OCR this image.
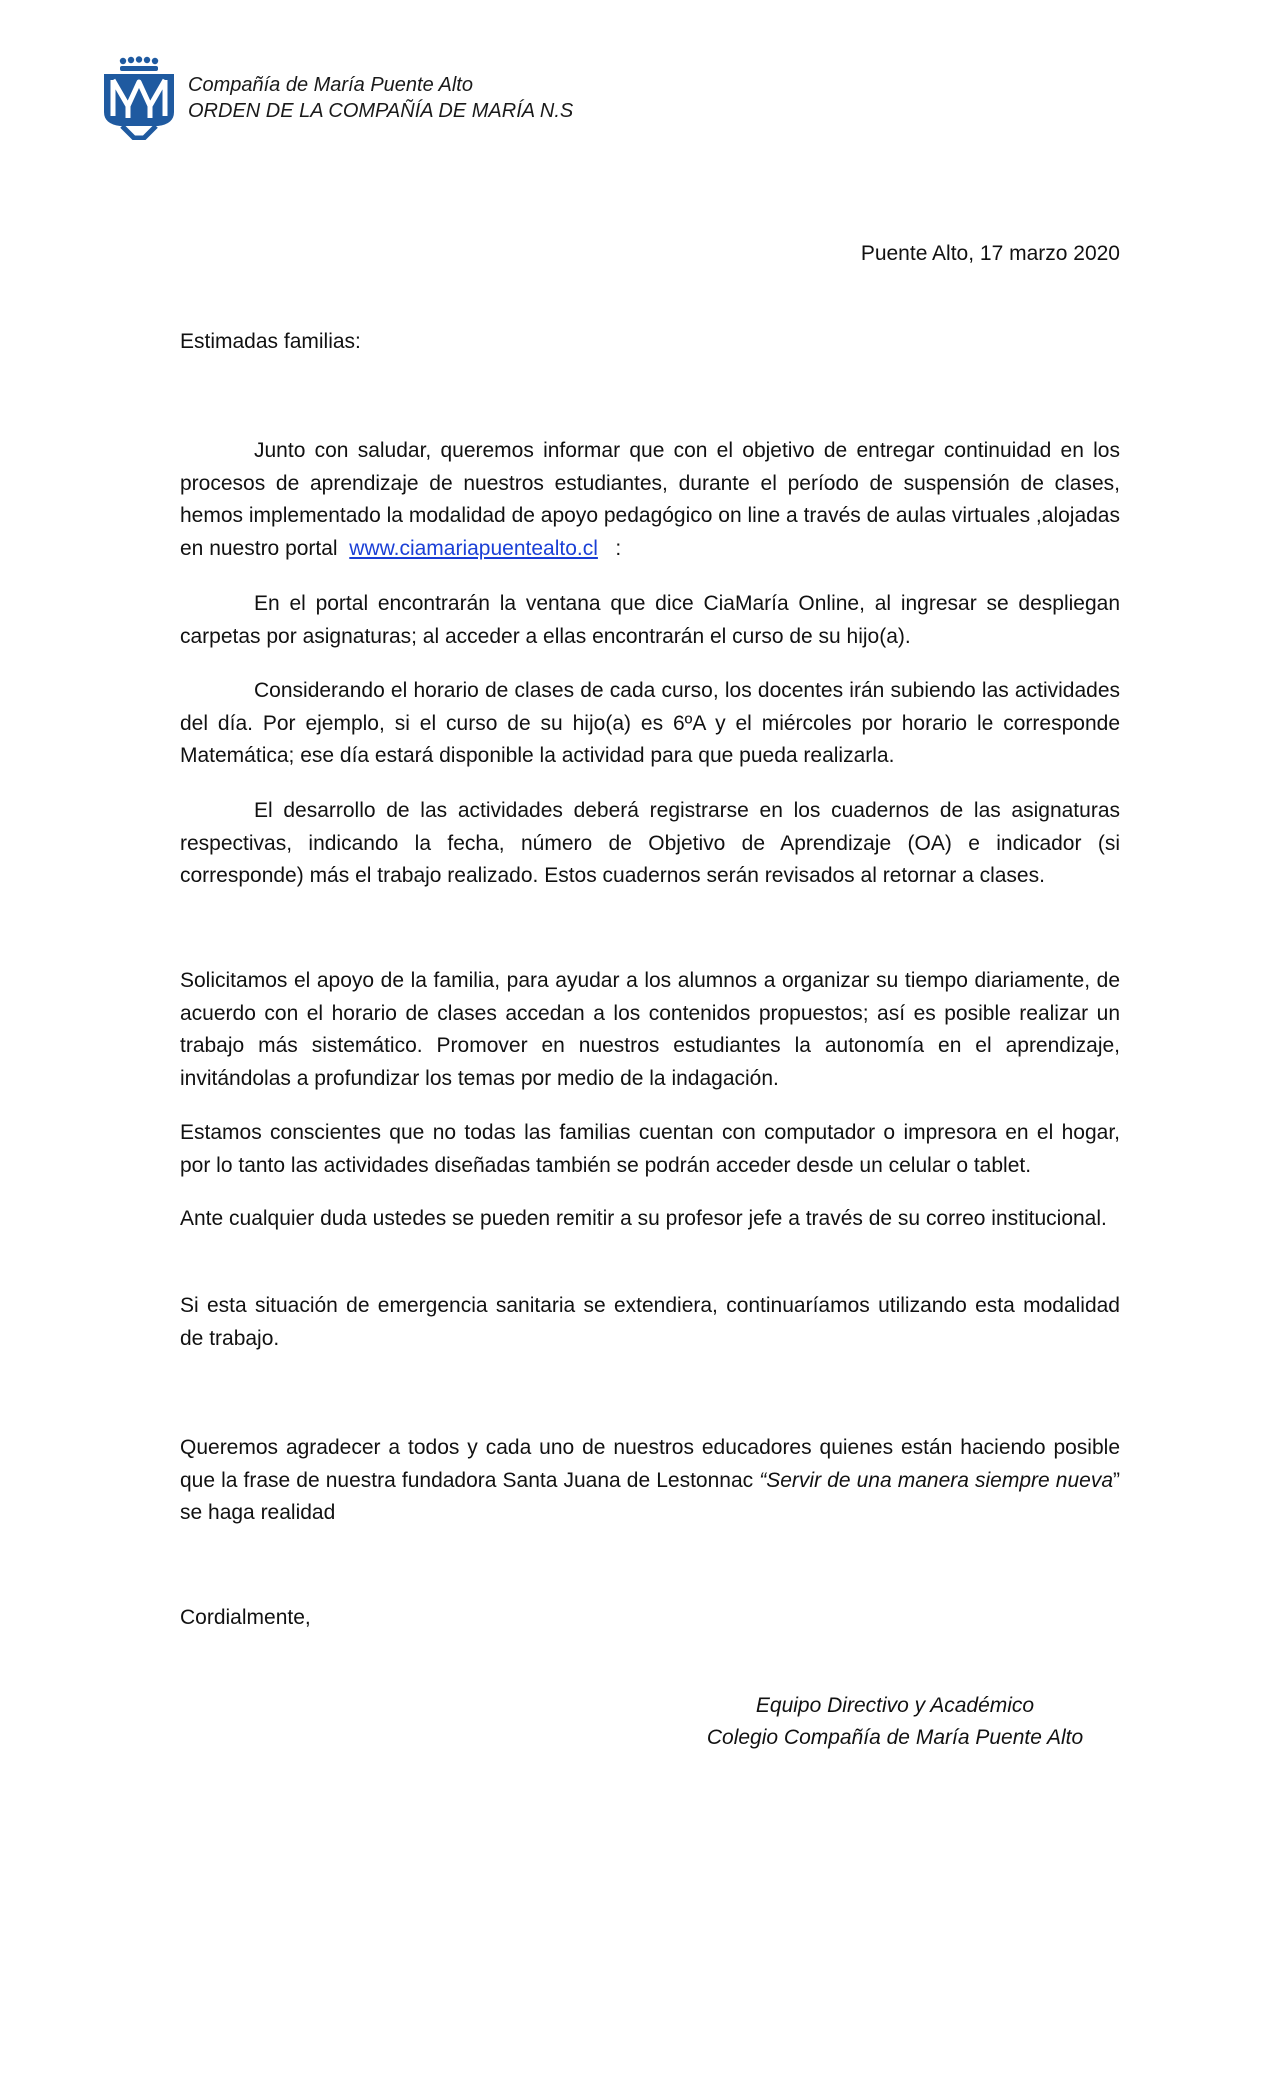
Compañía de María Puente Alto
ORDEN DE LA COMPAÑÍA DE MARÍA N.S
Puente Alto, 17 marzo 2020
Estimadas familias:

Junto con saludar, queremos informar que con el objetivo de entregar continuidad en los procesos de aprendizaje de nuestros estudiantes, durante el período de suspensión de clases, hemos implementado la modalidad de apoyo pedagógico on line a través de aulas virtuales ,alojadas en nuestro portal www.ciamariapuentealto.cl :

En el portal encontrarán la ventana que dice CiaMaría Online, al ingresar se despliegan carpetas por asignaturas; al acceder a ellas encontrarán el curso de su hijo(a).

Considerando el horario de clases de cada curso, los docentes irán subiendo las actividades del día. Por ejemplo, si el curso de su hijo(a) es 6ºA y el miércoles por horario le corresponde Matemática; ese día estará disponible la actividad para que pueda realizarla.

El desarrollo de las actividades deberá registrarse en los cuadernos de las asignaturas respectivas, indicando la fecha, número de Objetivo de Aprendizaje (OA) e indicador (si corresponde) más el trabajo realizado. Estos cuadernos serán revisados al retornar a clases.

Solicitamos el apoyo de la familia, para ayudar a los alumnos a organizar su tiempo diariamente, de acuerdo con el horario de clases accedan a los contenidos propuestos; así es posible realizar un trabajo más sistemático. Promover en nuestros estudiantes la autonomía en el aprendizaje, invitándolas a profundizar los temas por medio de la indagación.

Estamos conscientes que no todas las familias cuentan con computador o impresora en el hogar, por lo tanto las actividades diseñadas también se podrán acceder desde un celular o tablet.

Ante cualquier duda ustedes se pueden remitir a su profesor jefe a través de su correo institucional.

Si esta situación de emergencia sanitaria se extendiera, continuaríamos utilizando esta modalidad de trabajo.

Queremos agradecer a todos y cada uno de nuestros educadores quienes están haciendo posible que la frase de nuestra fundadora Santa Juana de Lestonnac “Servir de una manera siempre nueva” se haga realidad

Cordialmente,
Equipo Directivo y Académico
Colegio Compañía de María Puente Alto
